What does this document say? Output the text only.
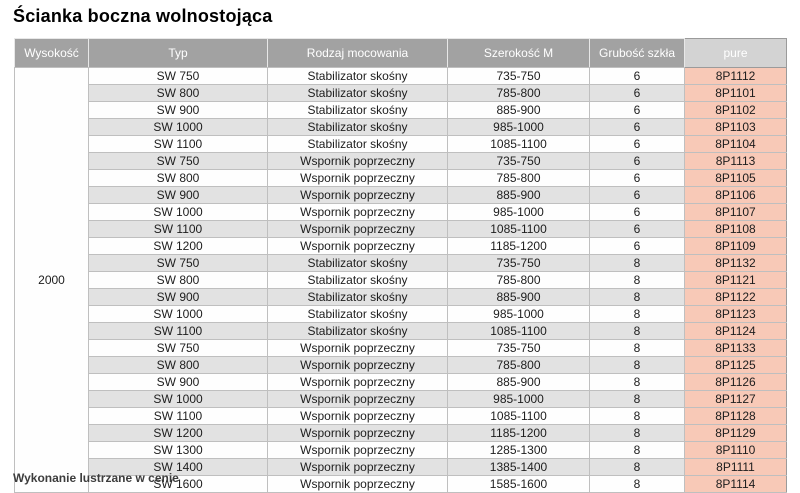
Ścianka boczna wolnostojąca
Wysokość	Typ	Rodzaj mocowania	Szerokość M	Grubość szkła	pure
2000	SW 750	Stabilizator skośny	735-750	6	8P1112
	SW 800	Stabilizator skośny	785-800	6	8P1101
	SW 900	Stabilizator skośny	885-900	6	8P1102
	SW 1000	Stabilizator skośny	985-1000	6	8P1103
	SW 1100	Stabilizator skośny	1085-1100	6	8P1104
	SW 750	Wspornik poprzeczny	735-750	6	8P1113
	SW 800	Wspornik poprzeczny	785-800	6	8P1105
	SW 900	Wspornik poprzeczny	885-900	6	8P1106
	SW 1000	Wspornik poprzeczny	985-1000	6	8P1107
	SW 1100	Wspornik poprzeczny	1085-1100	6	8P1108
	SW 1200	Wspornik poprzeczny	1185-1200	6	8P1109
	SW 750	Stabilizator skośny	735-750	8	8P1132
	SW 800	Stabilizator skośny	785-800	8	8P1121
	SW 900	Stabilizator skośny	885-900	8	8P1122
	SW 1000	Stabilizator skośny	985-1000	8	8P1123
	SW 1100	Stabilizator skośny	1085-1100	8	8P1124
	SW 750	Wspornik poprzeczny	735-750	8	8P1133
	SW 800	Wspornik poprzeczny	785-800	8	8P1125
	SW 900	Wspornik poprzeczny	885-900	8	8P1126
	SW 1000	Wspornik poprzeczny	985-1000	8	8P1127
	SW 1100	Wspornik poprzeczny	1085-1100	8	8P1128
	SW 1200	Wspornik poprzeczny	1185-1200	8	8P1129
	SW 1300	Wspornik poprzeczny	1285-1300	8	8P1110
	SW 1400	Wspornik poprzeczny	1385-1400	8	8P1111
	SW 1600	Wspornik poprzeczny	1585-1600	8	8P1114
Wykonanie lustrzane w cenie
